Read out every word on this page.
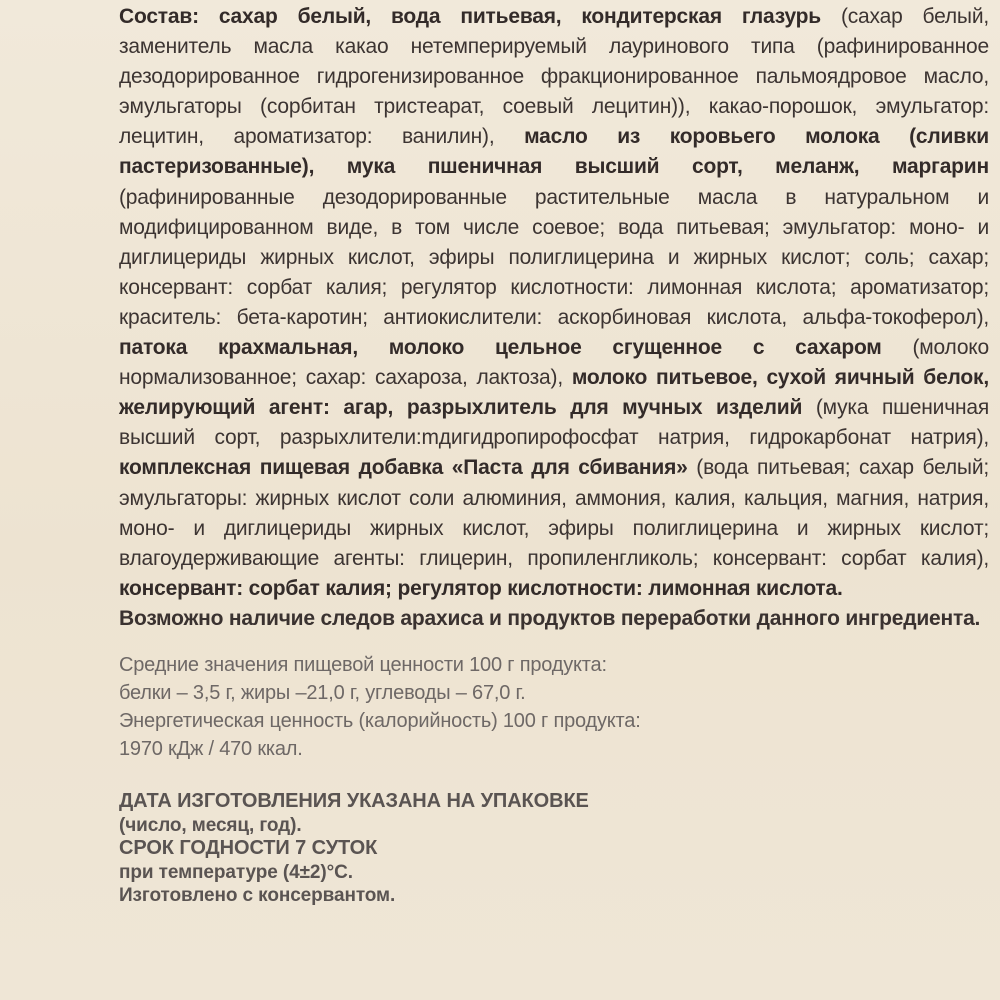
Состав: сахар белый, вода питьевая, кондитерская глазурь (сахар белый, заменитель масла какао нетемперируемый лауринового типа (рафинированное дезодорированное гидрогенизированное фракционированное пальмоядровое масло, эмульгаторы (сорбитан тристеарат, соевый лецитин)), какао-порошок, эмульгатор: лецитин, ароматизатор: ванилин), масло из коровьего молока (сливки пастеризованные), мука пшеничная высший сорт, меланж, маргарин (рафинированные дезодорированные растительные масла в натуральном и модифицированном виде, в том числе соевое; вода питьевая; эмульгатор: моно- и диглицериды жирных кислот, эфиры полиглицерина и жирных кислот; соль; сахар; консервант: сорбат калия; регулятор кислотности: лимонная кислота; ароматизатор; краситель: бета-каротин; антиокислители: аскорбиновая кислота, альфа-токоферол), патока крахмальная, молоко цельное сгущенное с сахаром (молоко нормализованное; сахар: сахароза, лактоза), молоко питьевое, сухой яичный белок, желирующий агент: агар, разрыхлитель для мучных изделий (мука пшеничная высший сорт, разрыхлители:mдигидропирофосфат натрия, гидрокарбонат натрия), комплексная пищевая добавка «Паста для сбивания» (вода питьевая; сахар белый; эмульгаторы: жирных кислот соли алюминия, аммония, калия, кальция, магния, натрия, моно- и диглицериды жирных кислот, эфиры полиглицерина и жирных кислот; влагоудерживающие агенты: глицерин, пропиленгликоль; консервант: сорбат калия), консервант: сорбат калия; регулятор кислотности: лимонная кислота.

Возможно наличие следов арахиса и продуктов переработки данного ингредиента.

Средние значения пищевой ценности 100 г продукта:
белки – 3,5 г, жиры –21,0 г, углеводы – 67,0 г.
Энергетическая ценность (калорийность) 100 г продукта:
1970 кДж / 470 ккал.
ДАТА ИЗГОТОВЛЕНИЯ УКАЗАНА НА УПАКОВКЕ
(число, месяц, год).
СРОК ГОДНОСТИ 7 СУТОК
при температуре (4±2)°С.
Изготовлено с консервантом.
